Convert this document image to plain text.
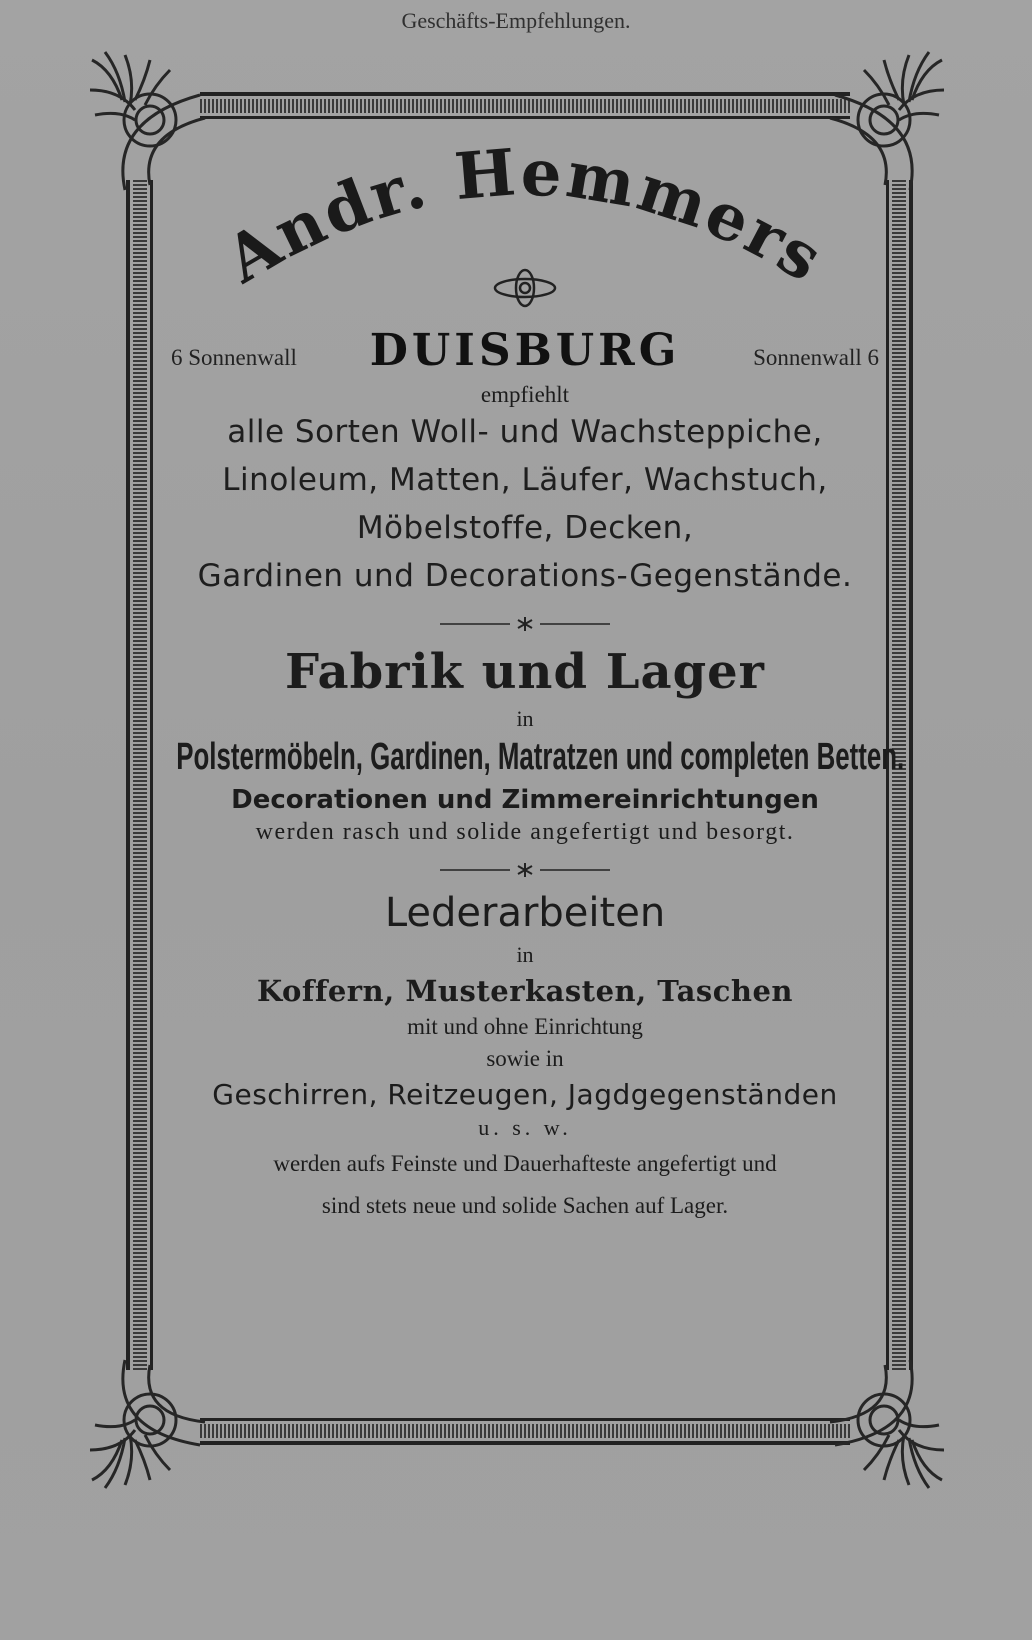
Geschäfts-Empfehlungen.
Andr. Hemmers
6 Sonnenwall DUISBURG	Sonnenwall 6
empfiehlt
alle Sorten Woll- und Wachsteppiche,
Linoleum, Matten, Läufer, Wachstuch,
Möbelstoffe, Decken,
Gardinen und Decorations-Gegenstände.
Fabrik und Lager
in
Polstermöbeln, Gardinen, Matratzen und completen Betten.
Decorationen und Zimmereinrichtungen
werden rasch und solide angefertigt und besorgt.
Lederarbeiten
in
Koffern, Musterkasten, Taschen
mit und ohne Einrichtung
sowie in
Geschirren, Reitzeugen, Jagdgegenständen
u. s. w.
werden aufs Feinste und Dauerhafteste angefertigt und
sind stets neue und solide Sachen auf Lager.
